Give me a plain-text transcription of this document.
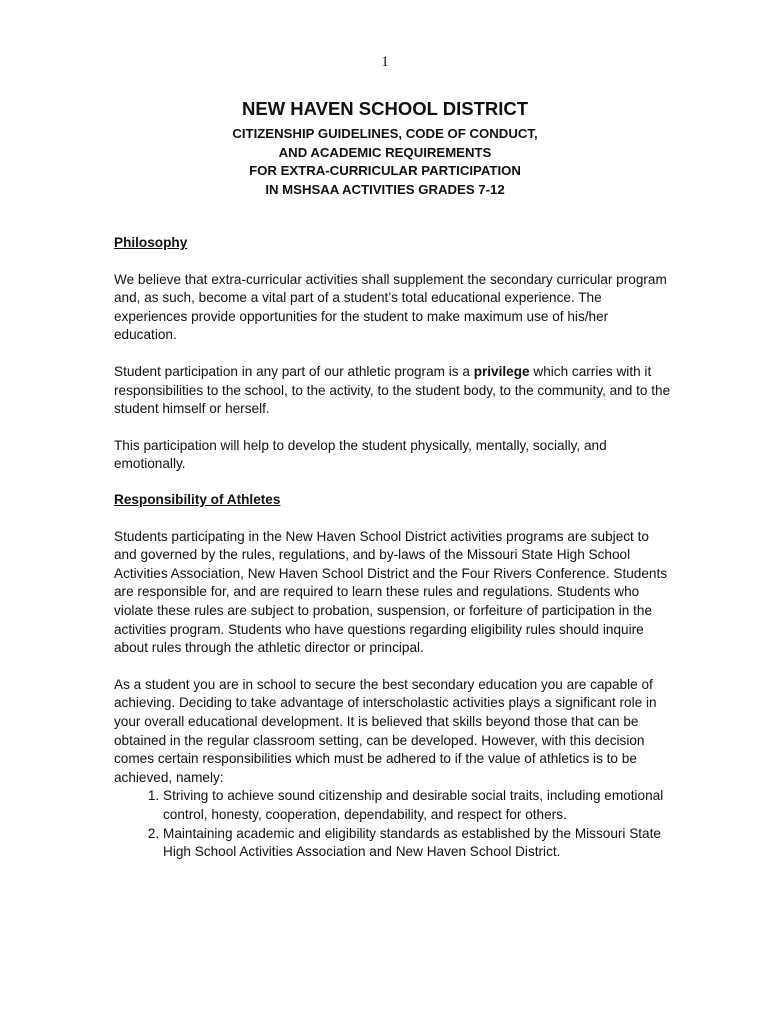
1
NEW HAVEN SCHOOL DISTRICT
CITIZENSHIP GUIDELINES, CODE OF CONDUCT,
AND ACADEMIC REQUIREMENTS
FOR EXTRA-CURRICULAR PARTICIPATION
IN MSHSAA ACTIVITIES GRADES 7-12

Philosophy

We believe that extra-curricular activities shall supplement the secondary curricular program and, as such, become a vital part of a student’s total educational experience. The experiences provide opportunities for the student to make maximum use of his/her education.

Student participation in any part of our athletic program is a privilege which carries with it responsibilities to the school, to the activity, to the student body, to the community, and to the student himself or herself.

This participation will help to develop the student physically, mentally, socially, and emotionally.

Responsibility of Athletes

Students participating in the New Haven School District activities programs are subject to and governed by the rules, regulations, and by-laws of the Missouri State High School Activities Association, New Haven School District and the Four Rivers Conference. Students are responsible for, and are required to learn these rules and regulations. Students who violate these rules are subject to probation, suspension, or forfeiture of participation in the activities program. Students who have questions regarding eligibility rules should inquire about rules through the athletic director or principal.

As a student you are in school to secure the best secondary education you are capable of achieving. Deciding to take advantage of interscholastic activities plays a significant role in your overall educational development. It is believed that skills beyond those that can be obtained in the regular classroom setting, can be developed. However, with this decision comes certain responsibilities which must be adhered to if the value of athletics is to be achieved, namely:

1. Striving to achieve sound citizenship and desirable social traits, including emotional control, honesty, cooperation, dependability, and respect for others.
2. Maintaining academic and eligibility standards as established by the Missouri State High School Activities Association and New Haven School District.
